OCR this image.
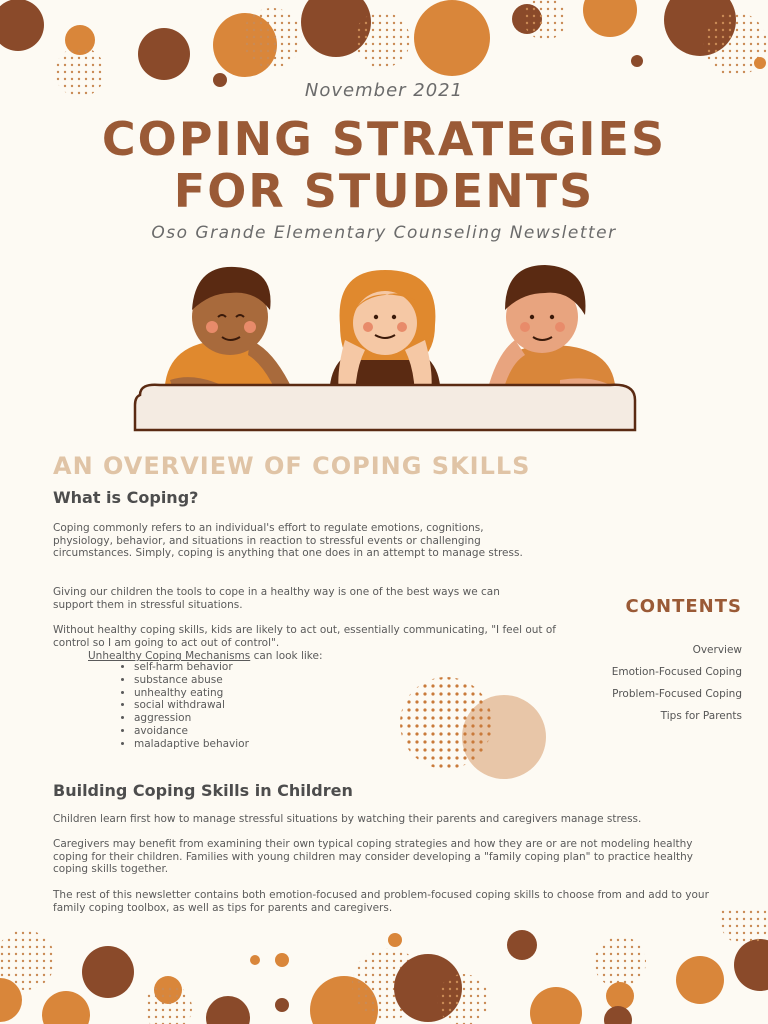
November 2021
COPING STRATEGIES
FOR STUDENTS
Oso Grande Elementary Counseling Newsletter
AN OVERVIEW OF COPING SKILLS
What is Coping?

Coping commonly refers to an individual's effort to regulate emotions, cognitions, physiology, behavior, and situations in reaction to stressful events or challenging circumstances. Simply, coping is anything that one does in an attempt to manage stress.

Giving our children the tools to cope in a healthy way is one of the best ways we can support them in stressful situations.

Without healthy coping skills, kids are likely to act out, essentially communicating, "I feel out of control so I am going to act out of control".

Unhealthy Coping Mechanisms can look like:
• self-harm behavior
• substance abuse
• unhealthy eating
• social withdrawal
• aggression
• avoidance
• maladaptive behavior
CONTENTS
Overview
Emotion-Focused Coping
Problem-Focused Coping
Tips for Parents
Building Coping Skills in Children

Children learn first how to manage stressful situations by watching their parents and caregivers manage stress.

Caregivers may benefit from examining their own typical coping strategies and how they are or are not modeling healthy coping for their children. Families with young children may consider developing a "family coping plan" to practice healthy coping skills together.

The rest of this newsletter contains both emotion-focused and problem-focused coping skills to choose from and add to your family coping toolbox, as well as tips for parents and caregivers.
